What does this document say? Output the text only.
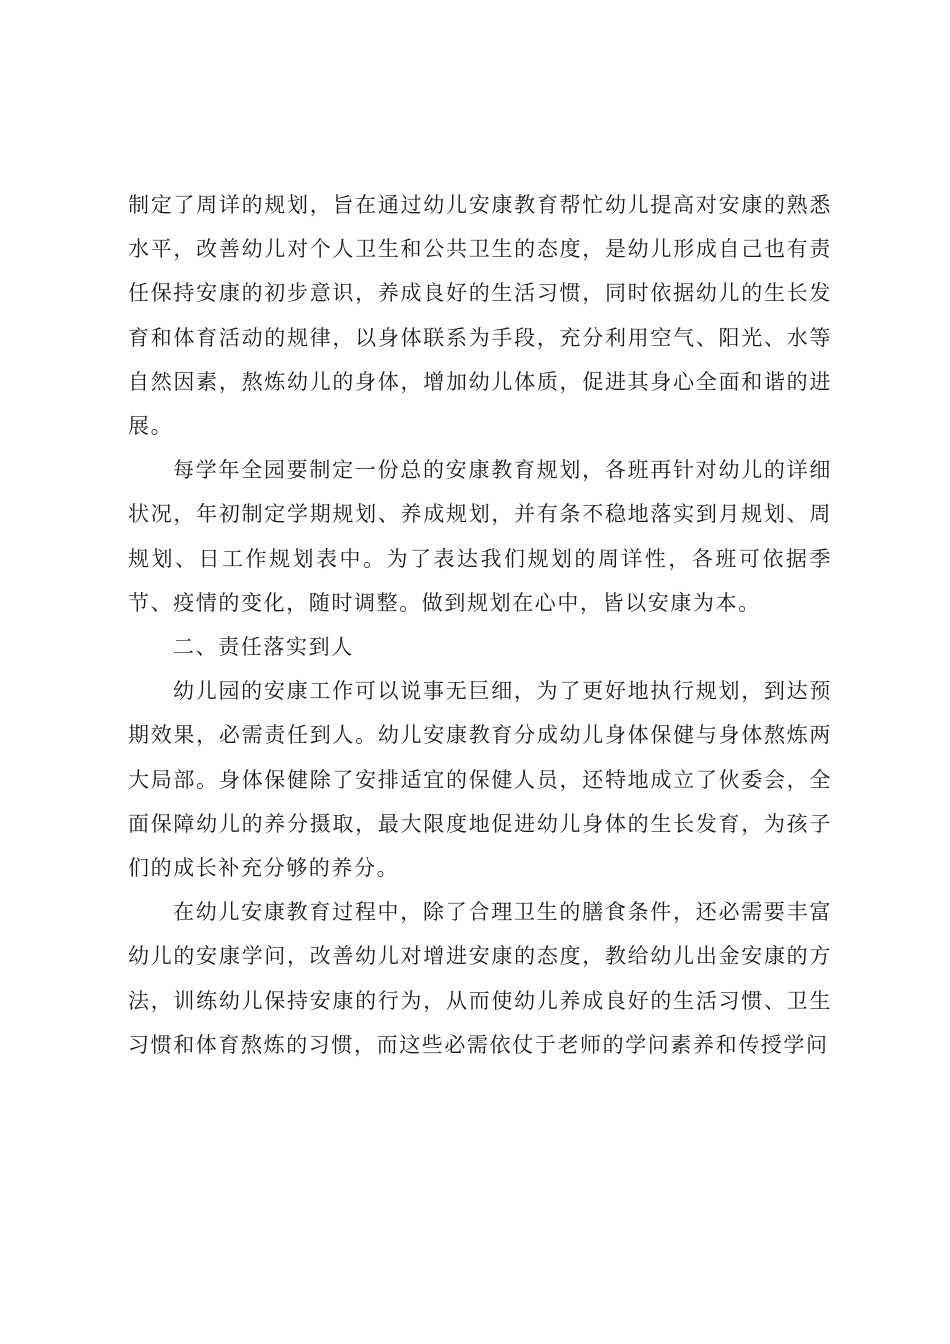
制定了周详的规划，旨在通过幼儿安康教育帮忙幼儿提高对安康的熟悉水平，改善幼儿对个人卫生和公共卫生的态度，是幼儿形成自己也有责任保持安康的初步意识，养成良好的生活习惯，同时依据幼儿的生长发育和体育活动的规律，以身体联系为手段，充分利用空气、阳光、水等自然因素，熬炼幼儿的身体，增加幼儿体质，促进其身心全面和谐的进展。

每学年全园要制定一份总的安康教育规划，各班再针对幼儿的详细状况，年初制定学期规划、养成规划，并有条不稳地落实到月规划、周规划、日工作规划表中。为了表达我们规划的周详性，各班可依据季节、疫情的变化，随时调整。做到规划在心中，皆以安康为本。

二、责任落实到人

幼儿园的安康工作可以说事无巨细，为了更好地执行规划，到达预期效果，必需责任到人。幼儿安康教育分成幼儿身体保健与身体熬炼两大局部。身体保健除了安排适宜的保健人员，还特地成立了伙委会，全面保障幼儿的养分摄取，最大限度地促进幼儿身体的生长发育，为孩子们的成长补充分够的养分。

在幼儿安康教育过程中，除了合理卫生的膳食条件，还必需要丰富幼儿的安康学问，改善幼儿对增进安康的态度，教给幼儿出金安康的方法，训练幼儿保持安康的行为，从而使幼儿养成良好的生活习惯、卫生习惯和体育熬炼的习惯，而这些必需依仗于老师的学问素养和传授学问
